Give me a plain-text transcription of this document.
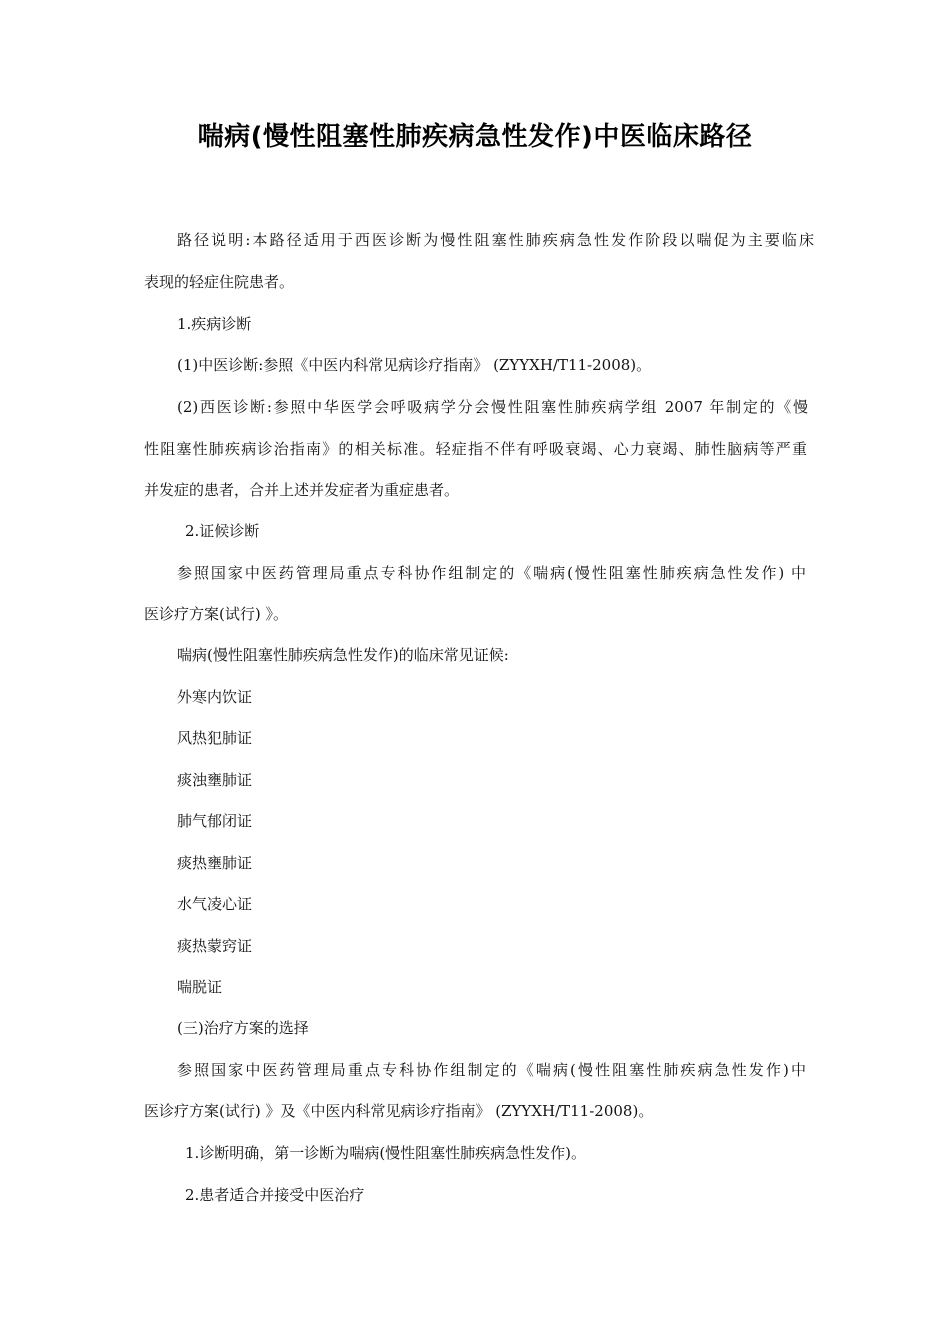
喘病(慢性阻塞性肺疾病急性发作)中医临床路径
路径说明:本路径适用于西医诊断为慢性阻塞性肺疾病急性发作阶段以喘促为主要临床
表现的轻症住院患者。
1.疾病诊断
(1)中医诊断:参照《中医内科常见病诊疗指南》 (ZYYXH/T11-2008)。
(2)西医诊断:参照中华医学会呼吸病学分会慢性阻塞性肺疾病学组 2007 年制定的《慢
性阻塞性肺疾病诊治指南》的相关标准。轻症指不伴有呼吸衰竭、心力衰竭、肺性脑病等严重
并发症的患者，合并上述并发症者为重症患者。
2.证候诊断
参照国家中医药管理局重点专科协作组制定的《喘病(慢性阻塞性肺疾病急性发作) 中
医诊疗方案(试行) 》。
喘病(慢性阻塞性肺疾病急性发作)的临床常见证候:
外寒内饮证
风热犯肺证
痰浊壅肺证
肺气郁闭证
痰热壅肺证
水气凌心证
痰热蒙窍证
喘脱证
(三)治疗方案的选择
参照国家中医药管理局重点专科协作组制定的《喘病(慢性阻塞性肺疾病急性发作)中
医诊疗方案(试行) 》及《中医内科常见病诊疗指南》 (ZYYXH/T11-2008)。
1.诊断明确，第一诊断为喘病(慢性阻塞性肺疾病急性发作)。
2.患者适合并接受中医治疗
